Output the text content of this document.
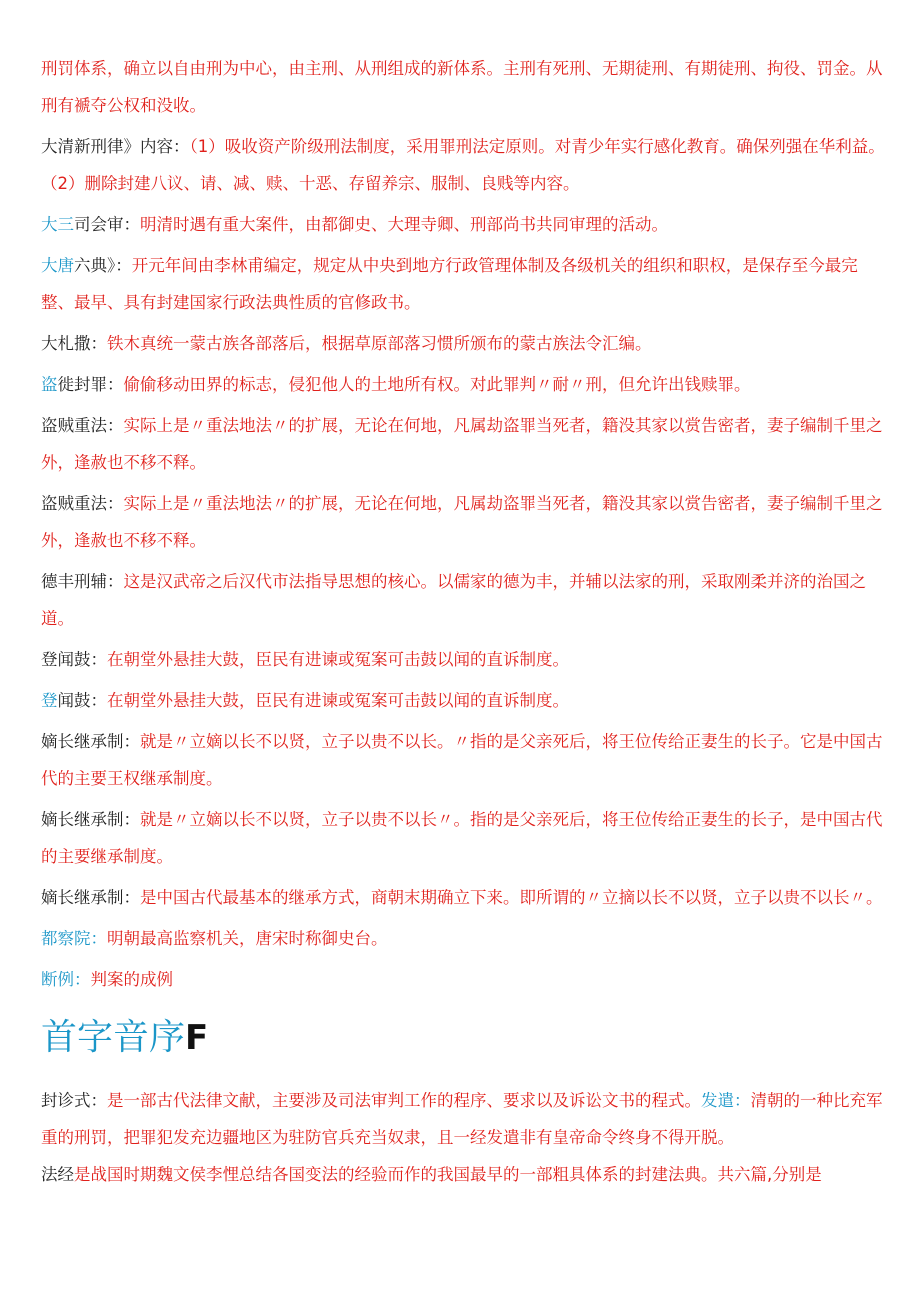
刑罚体系，确立以自由刑为中心，由主刑、从刑组成的新体系。主刑有死刑、无期徒刑、有期徒刑、拘役、罚金。从刑有褫夺公权和没收。
大清新刑律》内容：（1）吸收资产阶级刑法制度，采用罪刑法定原则。对青少年实行感化教育。确保列强在华利益。（2）删除封建八议、请、减、赎、十恶、存留养宗、服制、良贱等内容。
大三司会审：明清时遇有重大案件，由都御史、大理寺卿、刑部尚书共同审理的活动。
大唐六典》：开元年间由李林甫编定，规定从中央到地方行政管理体制及各级机关的组织和职权，是保存至今最完整、最早、具有封建国家行政法典性质的官修政书。
大札撒：铁木真统一蒙古族各部落后，根据草原部落习惯所颁布的蒙古族法令汇编。
盗徙封罪：偷偷移动田界的标志，侵犯他人的土地所有权。对此罪判〃耐〃刑，但允许出钱赎罪。
盗贼重法：实际上是〃重法地法〃的扩展，无论在何地，凡属劫盗罪当死者，籍没其家以赏告密者，妻子编制千里之外，逢赦也不移不释。
盗贼重法：实际上是〃重法地法〃的扩展，无论在何地，凡属劫盗罪当死者，籍没其家以赏告密者，妻子编制千里之外，逢赦也不移不释。
德丰刑辅：这是汉武帝之后汉代市法指导思想的核心。以儒家的德为丰，并辅以法家的刑，采取刚柔并济的治国之道。
登闻鼓：在朝堂外悬挂大鼓，臣民有进谏或冤案可击鼓以闻的直诉制度。
登闻鼓：在朝堂外悬挂大鼓，臣民有进谏或冤案可击鼓以闻的直诉制度。
嫡长继承制：就是〃立嫡以长不以贤，立子以贵不以长。〃指的是父亲死后，将王位传给正妻生的长子。它是中国古代的主要王权继承制度。
嫡长继承制：就是〃立嫡以长不以贤，立子以贵不以长〃。指的是父亲死后，将王位传给正妻生的长子，是中国古代的主要继承制度。
嫡长继承制：是中国古代最基本的继承方式，商朝末期确立下来。即所谓的〃立摘以长不以贤，立子以贵不以长〃。
都察院：明朝最高监察机关，唐宋时称御史台。
断例：判案的成例
首字音序F
封诊式：是一部古代法律文献，主要涉及司法审判工作的程序、要求以及诉讼文书的程式。发遣：清朝的一种比充军重的刑罚，把罪犯发充边疆地区为驻防官兵充当奴隶，且一经发遣非有皇帝命令终身不得开脱。
法经是战国时期魏文侯李悝总结各国变法的经验而作的我国最早的一部粗具体系的封建法典。共六篇,分别是
